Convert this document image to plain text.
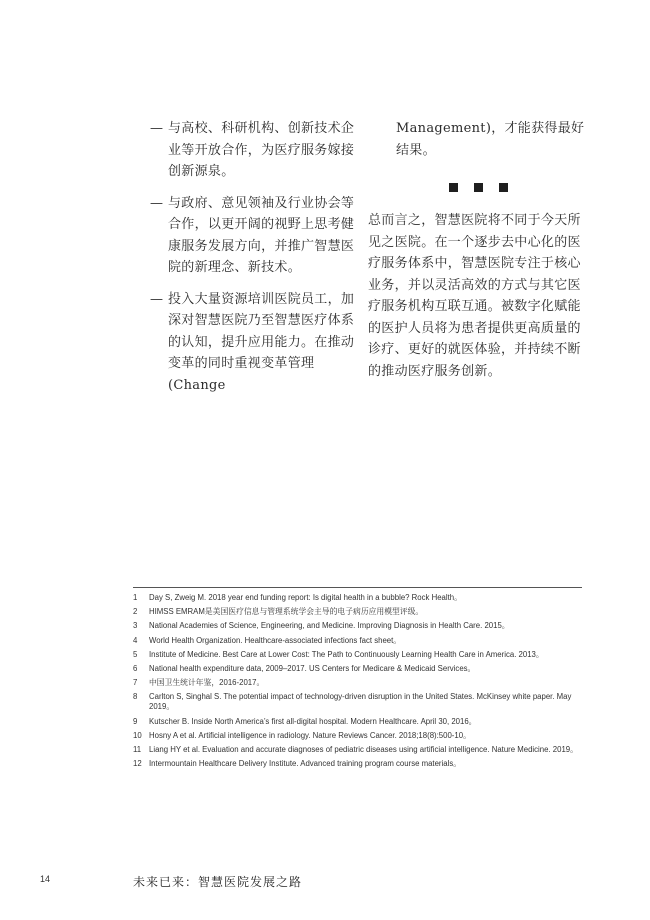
— 与高校、科研机构、创新技术企业等开放合作，为医疗服务嫁接创新源泉。
— 与政府、意见领袖及行业协会等合作，以更开阔的视野上思考健康服务发展方向，并推广智慧医院的新理念、新技术。
— 投入大量资源培训医院员工，加深对智慧医院乃至智慧医疗体系的认知，提升应用能力。在推动变革的同时重视变革管理 (Change

Management)，才能获得最好结果。

总而言之，智慧医院将不同于今天所见之医院。在一个逐步去中心化的医疗服务体系中，智慧医院专注于核心业务，并以灵活高效的方式与其它医疗服务机构互联互通。被数字化赋能的医护人员将为患者提供更高质量的诊疗、更好的就医体验，并持续不断的推动医疗服务创新。

1	Day S, Zweig M. 2018 year end funding report: Is digital health in a bubble? Rock Health。
2	HIMSS EMRAM是美国医疗信息与管理系统学会主导的电子病历应用模型评级。
3	National Academies of Science, Engineering, and Medicine. Improving Diagnosis in Health Care. 2015。
4	World Health Organization. Healthcare-associated infections fact sheet。
5	Institute of Medicine. Best Care at Lower Cost: The Path to Continuously Learning Health Care in America. 2013。
6	National health expenditure data, 2009–2017. US Centers for Medicare & Medicaid Services。
7	中国卫生统计年鉴，2016-2017。
8	Carlton S, Singhal S. The potential impact of technology-driven disruption in the United States. McKinsey white paper. May 2019。
9	Kutscher B. Inside North America’s first all-digital hospital. Modern Healthcare. April 30, 2016。
10 Hosny A et al. Artificial intelligence in radiology. Nature Reviews Cancer. 2018;18(8):500-10。
11	Liang HY et al. Evaluation and accurate diagnoses of pediatric diseases using artificial intelligence. Nature Medicine. 2019。
12 Intermountain Healthcare Delivery Institute. Advanced training program course materials。
14	未来已来：智慧医院发展之路
